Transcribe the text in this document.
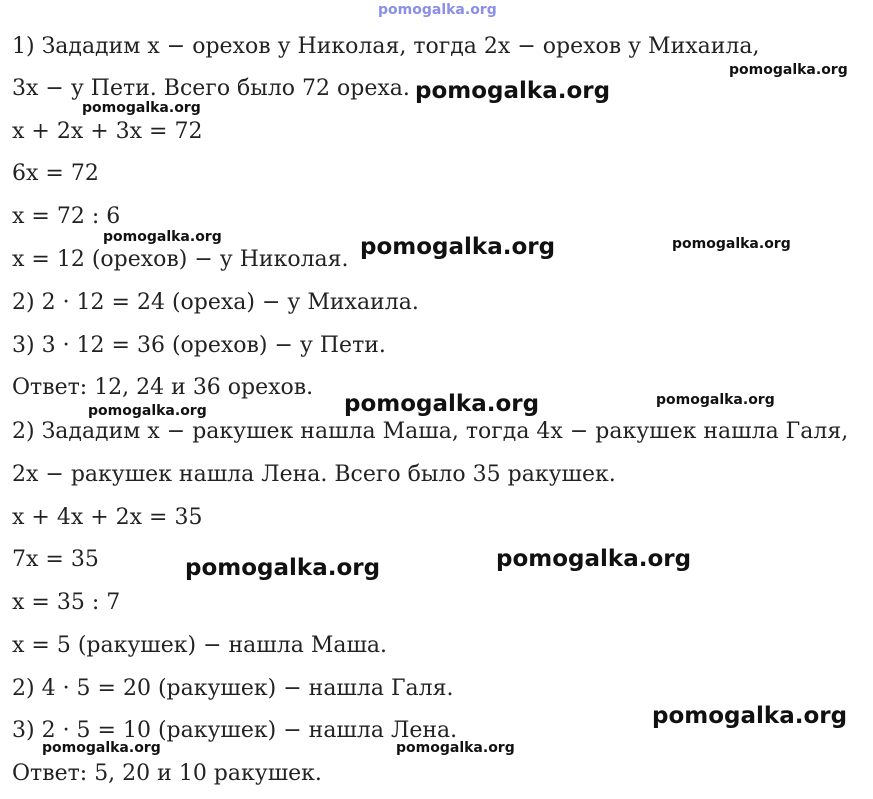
pomogalka.org
1) Зададим x − орехов у Николая, тогда 2x − орехов у Михаила,
3x − у Пети. Всего было 72 ореха.
x + 2x + 3x = 72
6x = 72
x = 72 : 6
x = 12 (орехов) − у Николая.
2) 2 · 12 = 24 (ореха) − у Михаила.
3) 3 · 12 = 36 (орехов) − у Пети.
Ответ: 12, 24 и 36 орехов.
2) Зададим x − ракушек нашла Маша, тогда 4x − ракушек нашла Галя,
2x − ракушек нашла Лена. Всего было 35 ракушек.
x + 4x + 2x = 35
7x = 35
x = 35 : 7
x = 5 (ракушек) − нашла Маша.
2) 4 · 5 = 20 (ракушек) − нашла Галя.
3) 2 · 5 = 10 (ракушек) − нашла Лена.
Ответ: 5, 20 и 10 ракушек.
pomogalka.org
pomogalka.org
pomogalka.org
pomogalka.org	pomogalka.org	pomogalka.org
pomogalka.org
pomogalka.org
pomogalka.org
pomogalka.org
pomogalka.org
pomogalka.org
pomogalka.org	pomogalka.org
